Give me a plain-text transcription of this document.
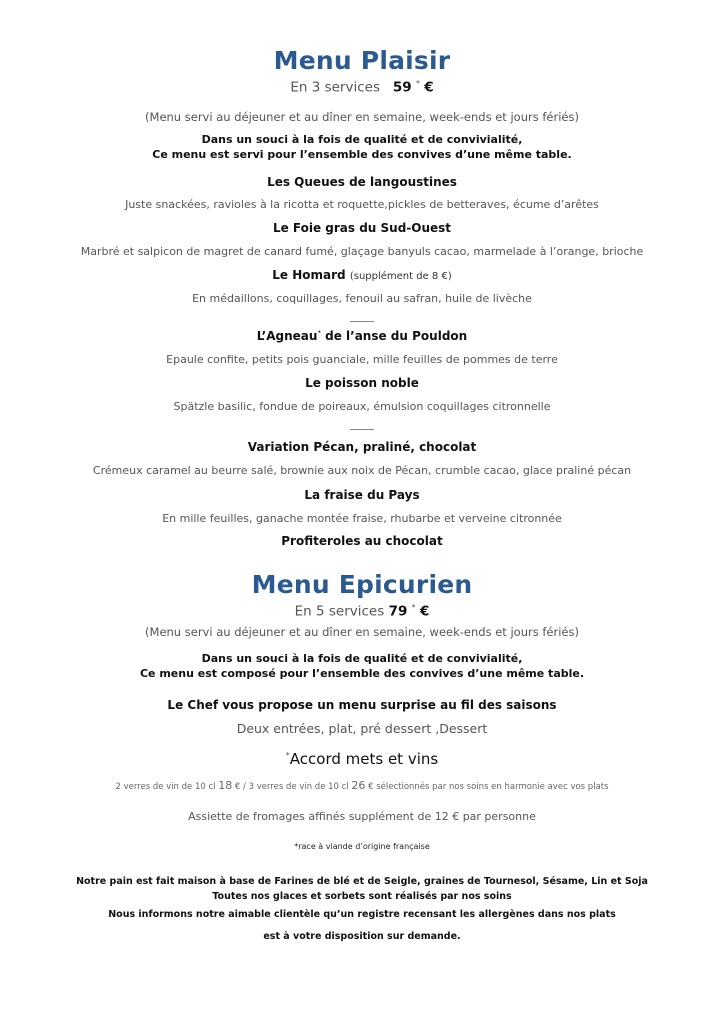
Menu Plaisir
En 3 services 59 * €
(Menu servi au déjeuner et au dîner en semaine, week-ends et jours fériés)
Dans un souci à la fois de qualité et de convivialité,
Ce menu est servi pour l’ensemble des convives d’une même table.
Les Queues de langoustines
Juste snackées, ravioles à la ricotta et roquette,pickles de betteraves, écume d’arêtes
Le Foie gras du Sud-Ouest
Marbré et salpicon de magret de canard fumé, glaçage banyuls cacao, marmelade à l’orange, brioche
Le Homard (supplément de 8 €)
En médaillons, coquillages, fenouil au safran, huile de livèche
L’Agneau* de l’anse du Pouldon
Epaule confite, petits pois guanciale, mille feuilles de pommes de terre
Le poisson noble
Spätzle basilic, fondue de poireaux, émulsion coquillages citronnelle
Variation Pécan, praliné, chocolat
Crémeux caramel au beurre salé, brownie aux noix de Pécan, crumble cacao, glace praliné pécan
La fraise du Pays
En mille feuilles, ganache montée fraise, rhubarbe et verveine citronnée
Profiteroles au chocolat
Menu Epicurien
En 5 services 79 * €
(Menu servi au déjeuner et au dîner en semaine, week-ends et jours fériés)
Dans un souci à la fois de qualité et de convivialité,
Ce menu est composé pour l’ensemble des convives d’une même table.
Le Chef vous propose un menu surprise au fil des saisons
Deux entrées, plat, pré dessert ,Dessert
*Accord mets et vins
2 verres de vin de 10 cl 18 € / 3 verres de vin de 10 cl 26 € sélectionnés par nos soins en harmonie avec vos plats
Assiette de fromages affinés supplément de 12 € par personne
*race à viande d’origine française
Notre pain est fait maison à base de Farines de blé et de Seigle, graines de Tournesol, Sésame, Lin et Soja
Toutes nos glaces et sorbets sont réalisés par nos soins
Nous informons notre aimable clientèle qu’un registre recensant les allergènes dans nos plats
est à votre disposition sur demande.
